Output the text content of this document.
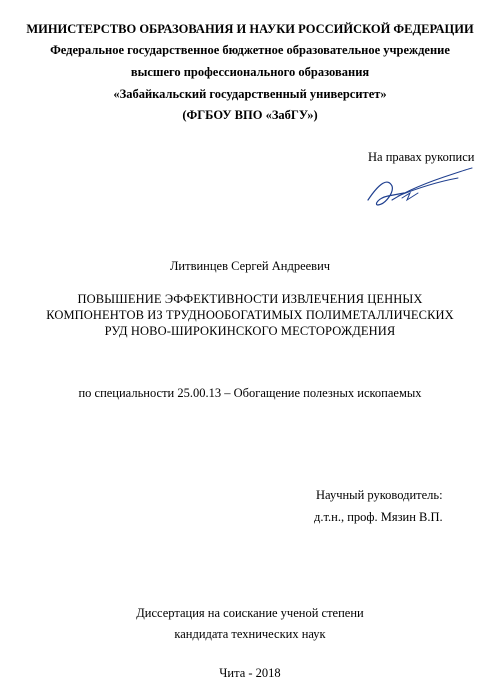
МИНИСТЕРСТВО ОБРАЗОВАНИЯ И НАУКИ РОССИЙСКОЙ ФЕДЕРАЦИИ
Федеральное государственное бюджетное образовательное учреждение
высшего профессионального образования
«Забайкальский государственный университет»
(ФГБОУ ВПО «ЗабГУ»)
На правах рукописи
Литвинцев Сергей Андреевич
ПОВЫШЕНИЕ ЭФФЕКТИВНОСТИ ИЗВЛЕЧЕНИЯ ЦЕННЫХ
КОМПОНЕНТОВ ИЗ ТРУДНООБОГАТИМЫХ ПОЛИМЕТАЛЛИЧЕСКИХ
РУД НОВО-ШИРОКИНСКОГО МЕСТОРОЖДЕНИЯ
по специальности 25.00.13 – Обогащение полезных ископаемых
Научный руководитель:
д.т.н., проф. Мязин В.П.
Диссертация на соискание ученой степени
кандидата технических наук
Чита - 2018
